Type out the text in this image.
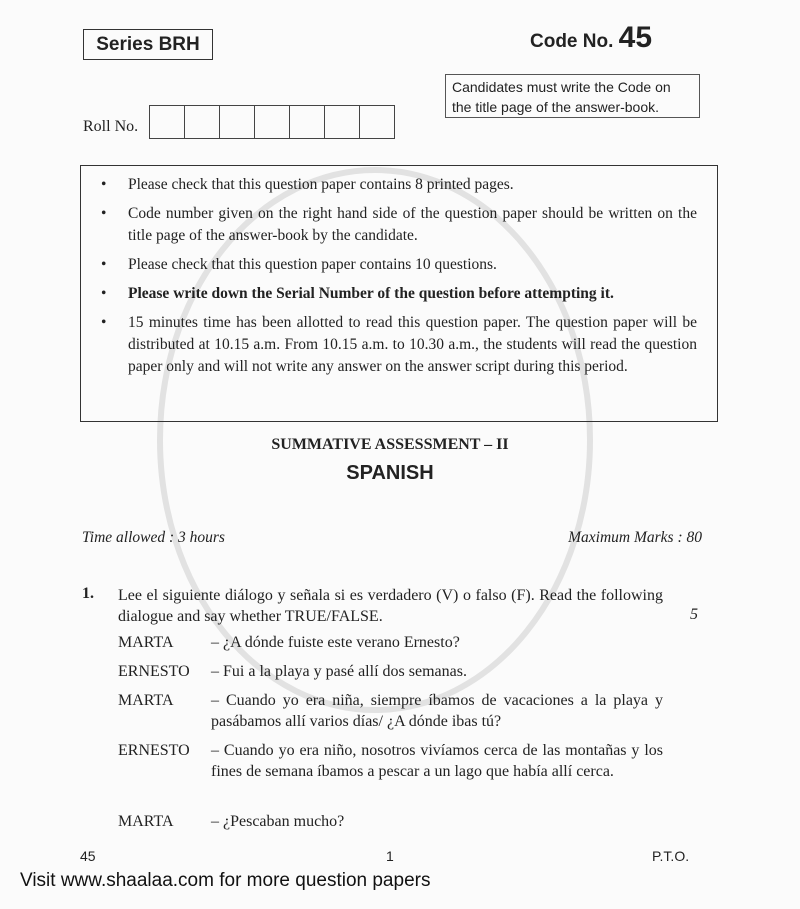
Series BRH	Code No. 45
Candidates must write the Code on the title page of the answer-book.
Roll No.
•	Please check that this question paper contains 8 printed pages.
•	Code number given on the right hand side of the question paper should be written on the title page of the answer-book by the candidate.
•	Please check that this question paper contains 10 questions.
•	Please write down the Serial Number of the question before attempting it.
•	15 minutes time has been allotted to read this question paper. The question paper will be distributed at 10.15 a.m. From 10.15 a.m. to 10.30 a.m., the students will read the question paper only and will not write any answer on the answer script during this period.
SUMMATIVE ASSESSMENT – II
SPANISH
Time allowed : 3 hours	Maximum Marks : 80
1. Lee el siguiente diálogo y señala si es verdadero (V) o falso (F). Read the following dialogue and say whether TRUE/FALSE.	5
MARTA	– ¿A dónde fuiste este verano Ernesto?
ERNESTO	– Fui a la playa y pasé allí dos semanas.
MARTA	– Cuando yo era niña, siempre íbamos de vacaciones a la playa y pasábamos allí varios días/ ¿A dónde ibas tú?
ERNESTO	– Cuando yo era niño, nosotros vivíamos cerca de las montañas y los fines de semana íbamos a pescar a un lago que había allí cerca.
MARTA	– ¿Pescaban mucho?
45	1	P.T.O.
Visit www.shaalaa.com for more question papers
